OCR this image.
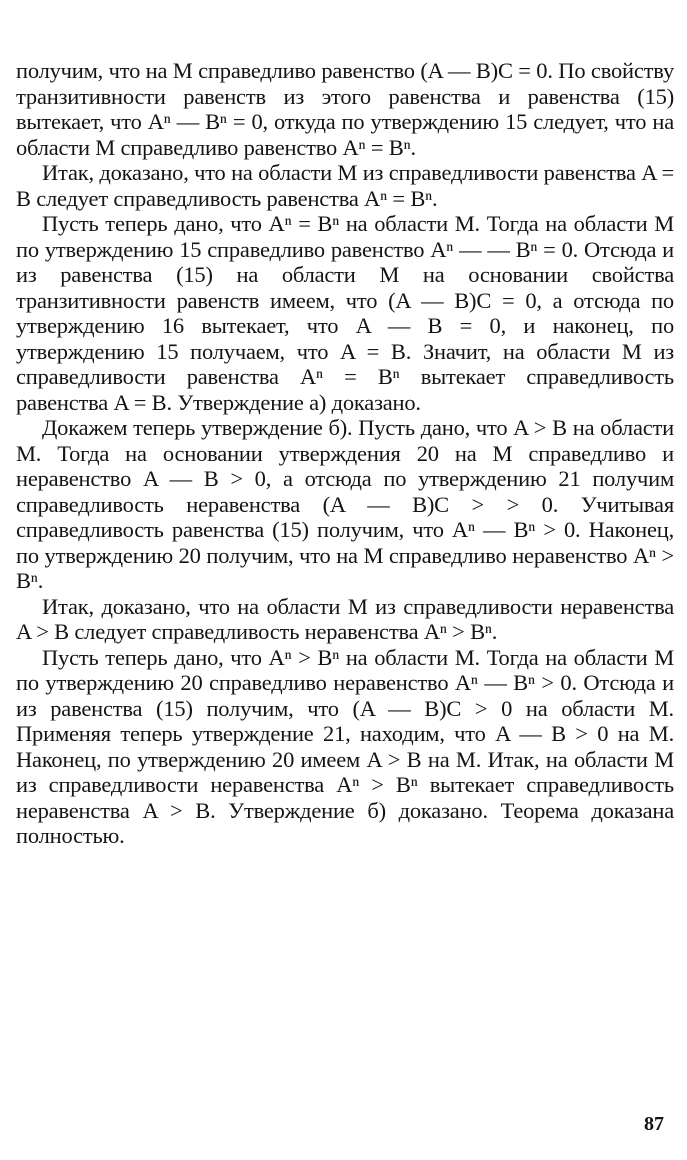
получим, что на M справедливо равенство (A — B)C = 0. По свойству транзитивности равенств из этого равенства и равенства (15) вытекает, что Aⁿ — Bⁿ = 0, откуда по утверждению 15 следует, что на области M справедливо равенство Aⁿ = Bⁿ.

Итак, доказано, что на области M из справедливости равенства A = B следует справедливость равенства Aⁿ = Bⁿ.

Пусть теперь дано, что Aⁿ = Bⁿ на области M. Тогда на области M по утверждению 15 справедливо равенство Aⁿ — — Bⁿ = 0. Отсюда и из равенства (15) на области M на основании свойства транзитивности равенств имеем, что (A — B)C = 0, а отсюда по утверждению 16 вытекает, что A — B = 0, и наконец, по утверждению 15 получаем, что A = B. Значит, на области M из справедливости равенства Aⁿ = Bⁿ вытекает справедливость равенства A = B. Утверждение а) доказано.

Докажем теперь утверждение б). Пусть дано, что A > B на области M. Тогда на основании утверждения 20 на M справедливо и неравенство A — B > 0, а отсюда по утверждению 21 получим справедливость неравенства (A — B)C > > 0. Учитывая справедливость равенства (15) получим, что Aⁿ — Bⁿ > 0. Наконец, по утверждению 20 получим, что на M справедливо неравенство Aⁿ > Bⁿ.

Итак, доказано, что на области M из справедливости неравенства A > B следует справедливость неравенства Aⁿ > Bⁿ.

Пусть теперь дано, что Aⁿ > Bⁿ на области M. Тогда на области M по утверждению 20 справедливо неравенство Aⁿ — Bⁿ > 0. Отсюда и из равенства (15) получим, что (A — B)C > 0 на области M. Применяя теперь утверждение 21, находим, что A — B > 0 на M. Наконец, по утверждению 20 имеем A > B на M. Итак, на области M из справедливости неравенства Aⁿ > Bⁿ вытекает справедливость неравенства A > B. Утверждение б) доказано. Теорема доказана полностью.

87
